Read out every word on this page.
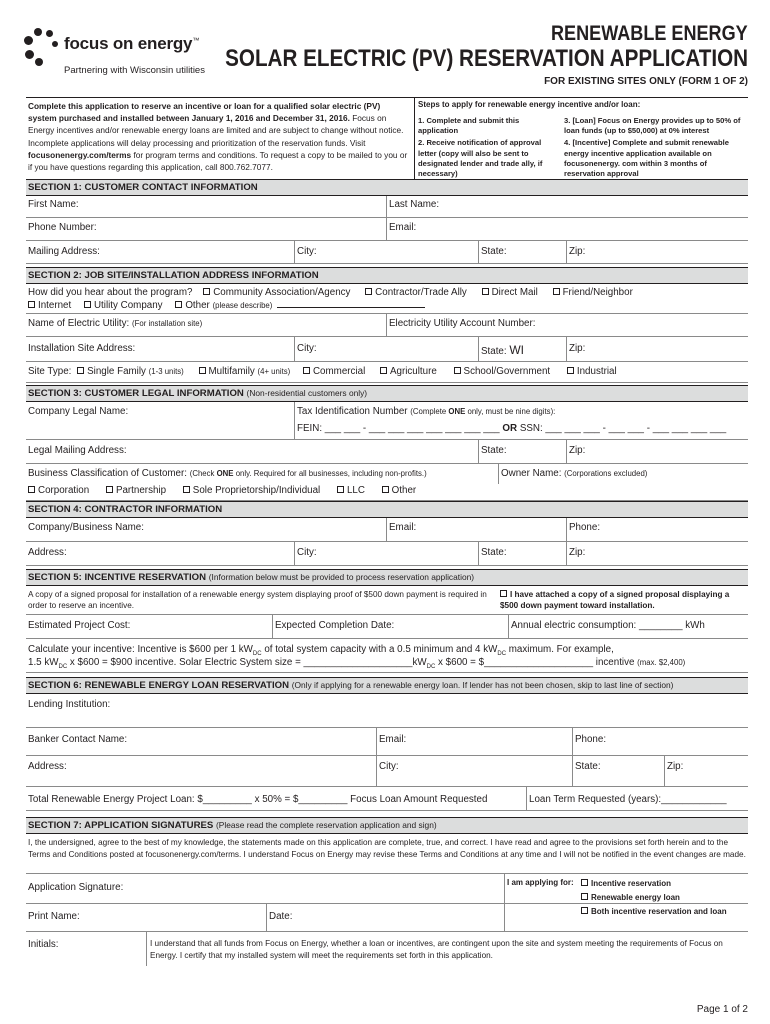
focus on energy™
Partnering with Wisconsin utilities
RENEWABLE ENERGY
SOLAR ELECTRIC (PV) RESERVATION APPLICATION
FOR EXISTING SITES ONLY (FORM 1 OF 2)
Complete this application to reserve an incentive or loan for a qualified solar electric (PV) system purchased and installed between January 1, 2016 and December 31, 2016. Focus on Energy incentives and/or renewable energy loans are limited and are subject to change without notice. Incomplete applications will delay processing and prioritization of the reservation funds. Visit focusonenergy.com/terms for program terms and conditions. To request a copy to be mailed to you or if you have questions regarding this application, call 800.762.7077.
Steps to apply for renewable energy incentive and/or loan:

1. Complete and submit this application

2. Receive notification of approval letter (copy will also be sent to designated lender and trade ally, if necessary)

3. [Loan] Focus on Energy provides up to 50% of loan funds (up to $50,000) at 0% interest

4. [Incentive] Complete and submit renewable energy incentive application available on focusonenergy. com within 3 months of reservation approval

SECTION 1: CUSTOMER CONTACT INFORMATION
First Name:	Last Name:
Phone Number:	Email:
Mailing Address:	City:	State:	Zip:
SECTION 2: JOB SITE/INSTALLATION ADDRESS INFORMATION
How did you hear about the program? Community Association/Agency	Contractor/Trade Ally	Direct Mail	Friend/Neighbor
Internet Utility Company Other (please describe)
Name of Electric Utility: (For installation site)	Electricity Utility Account Number:
Installation Site Address:	City:	State: WI	Zip:
Site Type: Single Family (1-3 units)	Multifamily (4+ units) Commercial	Agriculture	School/Government	Industrial
SECTION 3: CUSTOMER LEGAL INFORMATION (Non-residential customers only)
Company Legal Name:	Tax Identification Number (Complete ONE only, must be nine digits):
FEIN: ___ ___ - ___ ___ ___ ___ ___ ___ ___ OR SSN: ___ ___ ___ - ___ ___ - ___ ___ ___ ___
Legal Mailing Address:	State:	Zip:
Business Classification of Customer: (Check ONE only. Required for all businesses, including non-profits.)
Corporation	Partnership	Sole Proprietorship/Individual	LLC	Other
Owner Name: (Corporations excluded)
SECTION 4: CONTRACTOR INFORMATION
Company/Business Name:	Email:	Phone:
Address:	City:	State:	Zip:
SECTION 5: INCENTIVE RESERVATION (Information below must be provided to process reservation application)
A copy of a signed proposal for installation of a renewable energy system displaying proof of $500 down payment is required in order to reserve an incentive.
I have attached a copy of a signed proposal displaying a $500 down payment toward installation.
Estimated Project Cost:	Expected Completion Date:	Annual electric consumption: ________ kWh
Calculate your incentive: Incentive is $600 per 1 $kW_{DC}$ of total system capacity with a 0.5 minimum and 4 $kW_{DC}$ maximum. For example,
1.5 $kW_{DC}$ x $600 = $900 incentive. Solar Electric System size = $\_\_\_\_\_\_\_\_\_\_\_\_\_\_\_\_\_\_\_\_kW_{DC}$ x $600 = $____________________ incentive (max. $2,400)
SECTION 6: RENEWABLE ENERGY LOAN RESERVATION (Only if applying for a renewable energy loan. If lender has not been chosen, skip to last line of section)
Lending Institution:
Banker Contact Name:	Email:	Phone:
Address:	City:	State:	Zip:
Total Renewable Energy Project Loan: $_________ x 50% = $_________ Focus Loan Amount Requested	Loan Term Requested (years):____________
SECTION 7: APPLICATION SIGNATURES (Please read the complete reservation application and sign)
I, the undersigned, agree to the best of my knowledge, the statements made on this application are complete, true, and correct. I have read and agree to the provisions set forth herein and to the Terms and Conditions posted at focusonenergy.com/terms. I understand Focus on Energy may revise these Terms and Conditions at any time and I will not be notified in the event changes are made.
Application Signature:	I am applying for:	Incentive reservation
Renewable energy loan
Both incentive reservation and loan
Print Name:	Date:
Initials:	I understand that all funds from Focus on Energy, whether a loan or incentives, are contingent upon the site and system meeting the requirements of Focus on Energy. I certify that my installed system will meet the requirements set forth in this application.
Page 1 of 2
